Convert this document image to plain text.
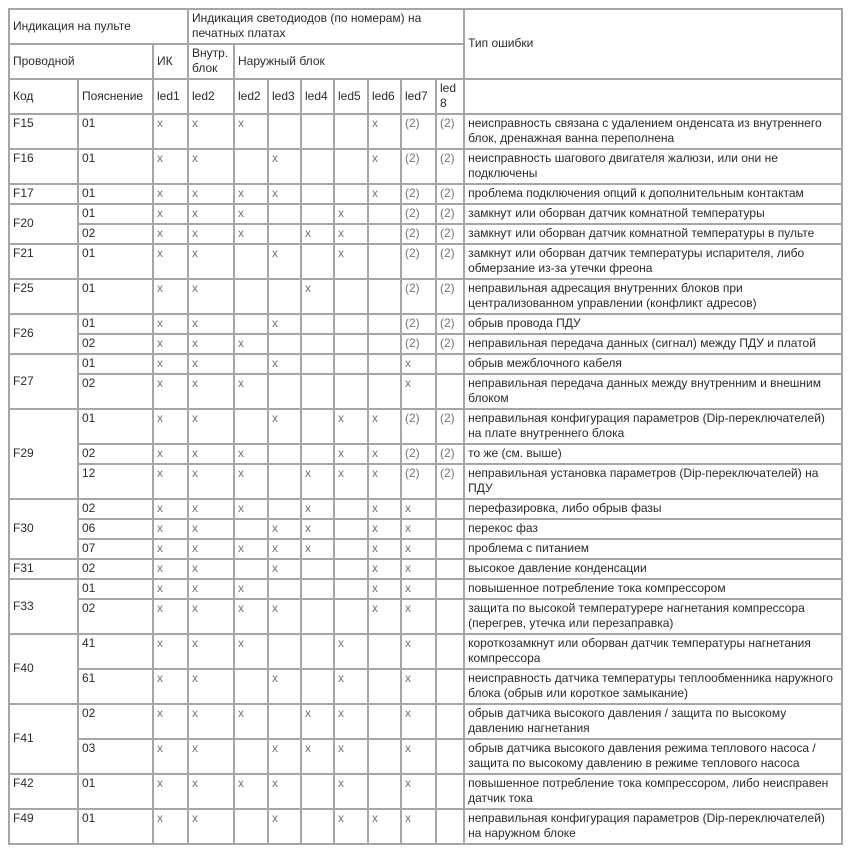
Индикация на пульте			Индикация светодиодов (по номерам) на печатных платах								Тип ошибки
Проводной		ИК	Внутр. блок	Наружный блок							
Код	Пояснение	led1	led2	led2	led3	led4	led5	led6	led7	led8	
F15	01	x	x	x				x	(2)	(2)	неисправность связана с удалением онденсата из внутреннего блок, дренажная ванна переполнена
F16	01	x	x		x			x	(2)	(2)	неисправность шагового двигателя жалюзи, или они не подключены
F17	01	x	x	x	x			x	(2)	(2)	проблема подключения опций к дополнительным контактам
F20	01	x	x	x			x		(2)	(2)	замкнут или оборван датчик комнатной температуры
	02	x	x	x		x	x		(2)	(2)	замкнут или оборван датчик комнатной температуры в пульте
F21	01	x	x		x		x		(2)	(2)	замкнут или оборван датчик температуры испарителя, либо обмерзание из-за утечки фреона
F25	01	x	x			x			(2)	(2)	неправильная адресация внутренних блоков при централизованном управлении (конфликт адресов)
F26	01	x	x		x				(2)	(2)	обрыв провода ПДУ
	02	x	x	x					(2)	(2)	неправильная передача данных (сигнал) между ПДУ и платой
F27	01	x	x		x				x		обрыв межблочного кабеля
	02	x	x	x					x		неправильная передача данных между внутренним и внешним блоком
F29	01	x	x		x		x	x	(2)	(2)	неправильная конфигурация параметров (Dip-переключателей) на плате внутреннего блока
	02	x	x	x			x	x	(2)	(2)	то же (см. выше)
	12	x	x	x		x	x	x	(2)	(2)	неправильная установка параметров (Dip-переключателей) на ПДУ
F30	02	x	x	x		x		x	x		перефазировка, либо обрыв фазы
	06	x	x		x	x		x	x		перекос фаз
	07	x	x	x	x	x		x	x		проблема с питанием
F31	02	x	x		x			x	x		высокое давление конденсации
F33	01	x	x	x				x	x		повышенное потребление тока компрессором
	02	x	x	x	x			x	x		защита по высокой температурере нагнетания компрессора (перегрев, утечка или перезаправка)
F40	41	x	x	x			x		x		короткозамкнут или оборван датчик температуры нагнетания компрессора
	61	x	x		x		x		x		неисправность датчика температуры теплообменника наружного блока (обрыв или короткое замыкание)
F41	02	x	x	x		x	x		x		обрыв датчика высокого давления / защита по высокому давлению нагнетания
	03	x	x		x	x	x		x		обрыв датчика высокого давления режима теплового насоса / защита по высокому давлению в режиме теплового насоса
F42	01	x	x	x	x		x		x		повышенное потребление тока компрессором, либо неисправен датчик тока
F49	01	x	x		x		x	x	x		неправильная конфигурация параметров (Dip-переключателей) на наружном блоке
